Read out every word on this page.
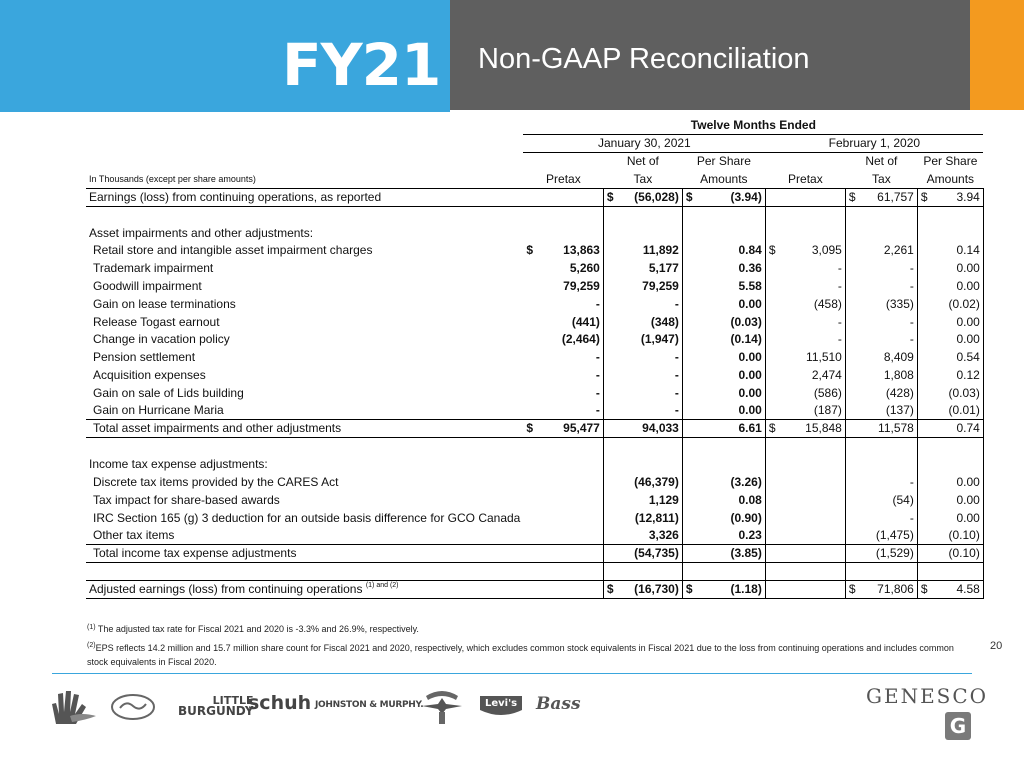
FY21 Non-GAAP Reconciliation
	Twelve Months Ended					
	January 30, 2021			February 1, 2020		
		Net of	Per Share		Net of	Per Share
In Thousands (except per share amounts)	Pretax	Tax	Amounts	Pretax	Tax	Amounts
Earnings (loss) from continuing operations, as reported		$ (56,028)	$ (3.94)		$ 61,757	$ 3.94

Asset impairments and other adjustments:						
Retail store and intangible asset impairment charges	$ 13,863	11,892	0.84	$ 3,095	2,261	0.14
Trademark impairment	5,260	5,177	0.36	-	-	0.00
Goodwill impairment	79,259	79,259	5.58	-	-	0.00
Gain on lease terminations	-	-	0.00	(458)	(335)	(0.02)
Release Togast earnout	(441)	(348)	(0.03)	-	-	0.00
Change in vacation policy	(2,464)	(1,947)	(0.14)	-	-	0.00
Pension settlement	-	-	0.00	11,510	8,409	0.54
Acquisition expenses	-	-	0.00	2,474	1,808	0.12
Gain on sale of Lids building	-	-	0.00	(586)	(428)	(0.03)
Gain on Hurricane Maria	-	-	0.00	(187)	(137)	(0.01)
Total asset impairments and other adjustments	$ 95,477	94,033	6.61	$ 15,848	11,578	0.74

Income tax expense adjustments:						
Discrete tax items provided by the CARES Act		(46,379)	(3.26)		-	0.00
Tax impact for share-based awards		1,129	0.08		(54)	0.00
IRC Section 165 (g) 3 deduction for an outside basis difference for GCO Canada		(12,811)	(0.90)		-	0.00
Other tax items		3,326	0.23		(1,475)	(0.10)
Total income tax expense adjustments		(54,735)	(3.85)		(1,529)	(0.10)

Adjusted earnings (loss) from continuing operations $^{(1) and (2)}$		$ (16,730)	$ (1.18)		$ 71,806	$ 4.58
$^{(1)}$ The adjusted tax rate for Fiscal 2021 and 2020 is -3.3% and 26.9%, respectively.
$^{(2)}$EPS reflects 14.2 million and 15.7 million share count for Fiscal 2021 and 2020, respectively, which excludes common stock equivalents in Fiscal 2021 due to the loss from continuing operations and includes common stock equivalents in Fiscal 2020.
20
LITTLE
BURGUNDY
schuh JOHNSTON & MURPHY.	Levi's Bass	GENESCO
G
